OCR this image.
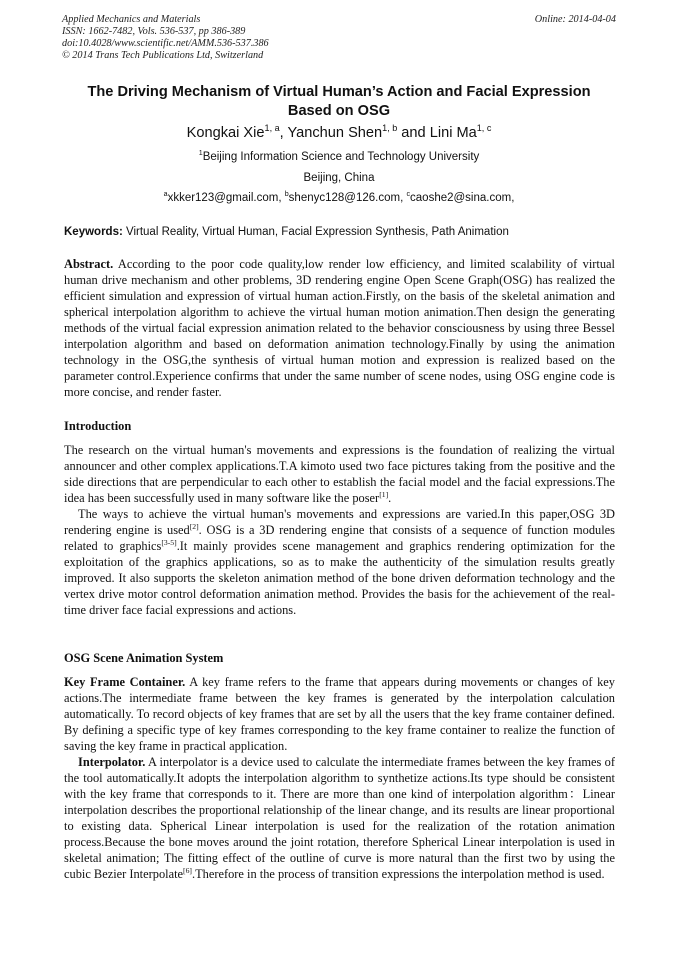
Applied Mechanics and Materials
ISSN: 1662-7482, Vols. 536-537, pp 386-389
doi:10.4028/www.scientific.net/AMM.536-537.386
© 2014 Trans Tech Publications Ltd, Switzerland
Online: 2014-04-04
The Driving Mechanism of Virtual Human’s Action and Facial Expression
Based on OSG
Kongkai Xie$^{1, a}$, Yanchun Shen$^{1, b}$ and Lini Ma$^{1, c}$
$^1$Beijing Information Science and Technology University
Beijing, China
$^a$xkker123@gmail.com, $^b$shenyc128@126.com, $^c$caoshe2@sina.com,
Keywords: Virtual Reality, Virtual Human, Facial Expression Synthesis, Path Animation
Abstract. According to the poor code quality,low render low efficiency, and limited scalability of virtual human drive mechanism and other problems, 3D rendering engine Open Scene Graph(OSG) has realized the efficient simulation and expression of virtual human action.Firstly, on the basis of the skeletal animation and spherical interpolation algorithm to achieve the virtual human motion animation.Then design the generating methods of the virtual facial expression animation related to the behavior consciousness by using three Bessel interpolation algorithm and based on deformation animation technology.Finally by using the animation technology in the OSG,the synthesis of virtual human motion and expression is realized based on the parameter control.Experience confirms that under the same number of scene nodes, using OSG engine code is more concise, and render faster.
Introduction
The research on the virtual human's movements and expressions is the foundation of realizing the virtual announcer and other complex applications.T.A kimoto used two face pictures taking from the positive and the side directions that are perpendicular to each other to establish the facial model and the facial expressions.The idea has been successfully used in many software like the poser[1].
The ways to achieve the virtual human's movements and expressions are varied.In this paper,OSG 3D rendering engine is used[2]. OSG is a 3D rendering engine that consists of a sequence of function modules related to graphics[3-5].It mainly provides scene management and graphics rendering optimization for the exploitation of the graphics applications, so as to make the authenticity of the simulation results greatly improved. It also supports the skeleton animation method of the bone driven deformation technology and the vertex drive motor control deformation animation method. Provides the basis for the achievement of the real-time driver face facial expressions and actions.
OSG Scene Animation System
Key Frame Container. A key frame refers to the frame that appears during movements or changes of key actions.The intermediate frame between the key frames is generated by the interpolation calculation automatically. To record objects of key frames that are set by all the users that the key frame container defined. By defining a specific type of key frames corresponding to the key frame container to realize the function of saving the key frame in practical application.
Interpolator. A interpolator is a device used to calculate the intermediate frames between the key frames of the tool automatically.It adopts the interpolation algorithm to synthetize actions.Its type should be consistent with the key frame that corresponds to it. There are more than one kind of interpolation algorithm：Linear interpolation describes the proportional relationship of the linear change, and its results are linear proportional to existing data. Spherical Linear interpolation is used for the realization of the rotation animation process.Because the bone moves around the joint rotation, therefore Spherical Linear interpolation is used in skeletal animation; The fitting effect of the outline of curve is more natural than the first two by using the cubic Bezier Interpolate[6].Therefore in the process of transition expressions the interpolation method is used.
